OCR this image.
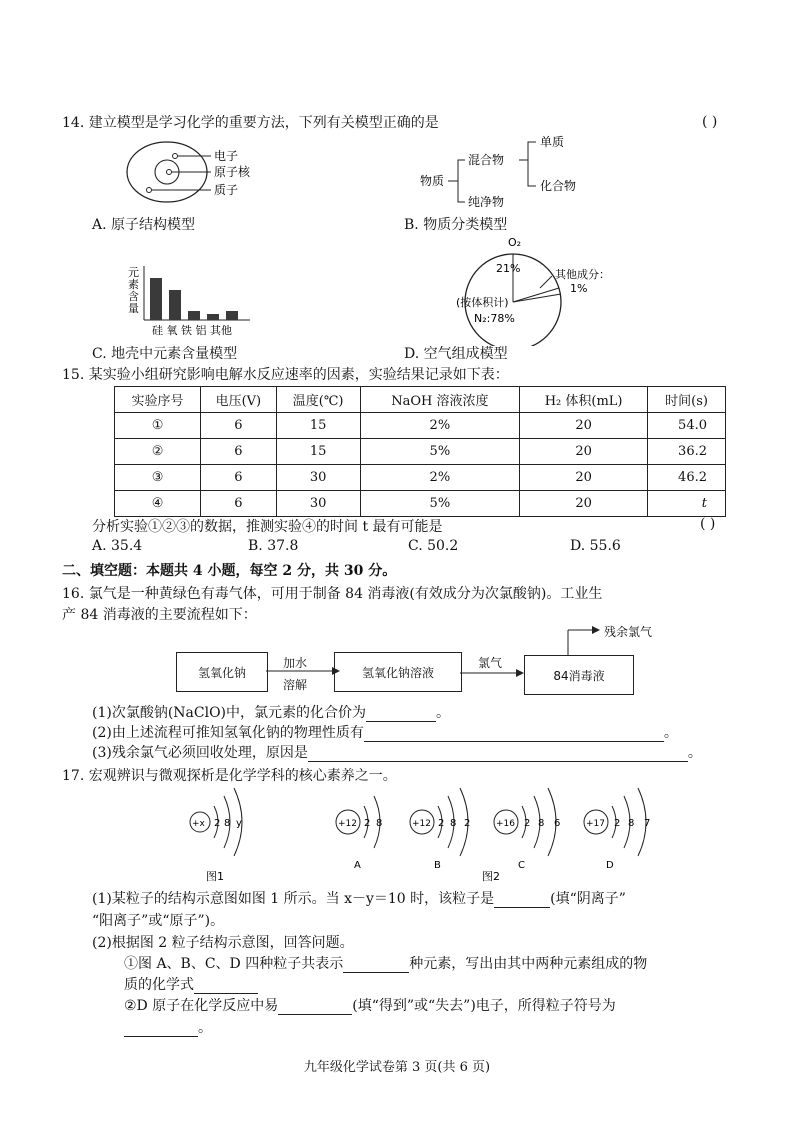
14. 建立模型是学习化学的重要方法，下列有关模型正确的是	( )
电子
原子核
质子
A. 原子结构模型
物质
混合物
纯净物
单质
化合物
B. 物质分类模型
元
素
含
量
硅 氧 铁 铝 其他
C. 地壳中元素含量模型
O₂
21%	其他成分：
1%
(按体积计)
N₂:78%
D. 空气组成模型
15. 某实验小组研究影响电解水反应速率的因素，实验结果记录如下表：
实验序号	电压(V)	温度(℃)	NaOH 溶液浓度	H₂ 体积(mL)	时间(s)
①	6	15	2%	20	54.0
②	6	15	5%	20	36.2
③	6	30	2%	20	46.2
④	6	30	5%	20	t
分析实验①②③的数据，推测实验④的时间 t 最有可能是	( )
A. 35.4	B. 37.8	C. 50.2	D. 55.6
二、填空题：本题共 4 小题，每空 2 分，共 30 分。
16. 氯气是一种黄绿色有毒气体，可用于制备 84 消毒液(有效成分为次氯酸钠)。工业生
产 84 消毒液的主要流程如下：
氢氧化钠	氢氧化钠溶液	84消毒液
加水
溶解
氯气
残余氯气
(1)次氯酸钠(NaClO)中，氯元素的化合价为	。
(2)由上述流程可推知氢氧化钠的物理性质有	。
(3)残余氯气必须回收处理，原因是	。
17. 宏观辨识与微观探析是化学学科的核心素养之一。
+x 2 8 y
图1
+12 2 8
A
+12 2 8 2
B
+16 2 8 6
C
+17 2 8 7
D
图2
(1)某粒子的结构示意图如图 1 所示。当 x－y＝10 时，该粒子是	(填“阴离子”
“阳离子”或“原子”)。
(2)根据图 2 粒子结构示意图，回答问题。
①图 A、B、C、D 四种粒子共表示	种元素，写出由其中两种元素组成的物
质的化学式
②D 原子在化学反应中易	(填“得到”或“失去”)电子，所得粒子符号为
。
九年级化学试卷第 3 页(共 6 页)
